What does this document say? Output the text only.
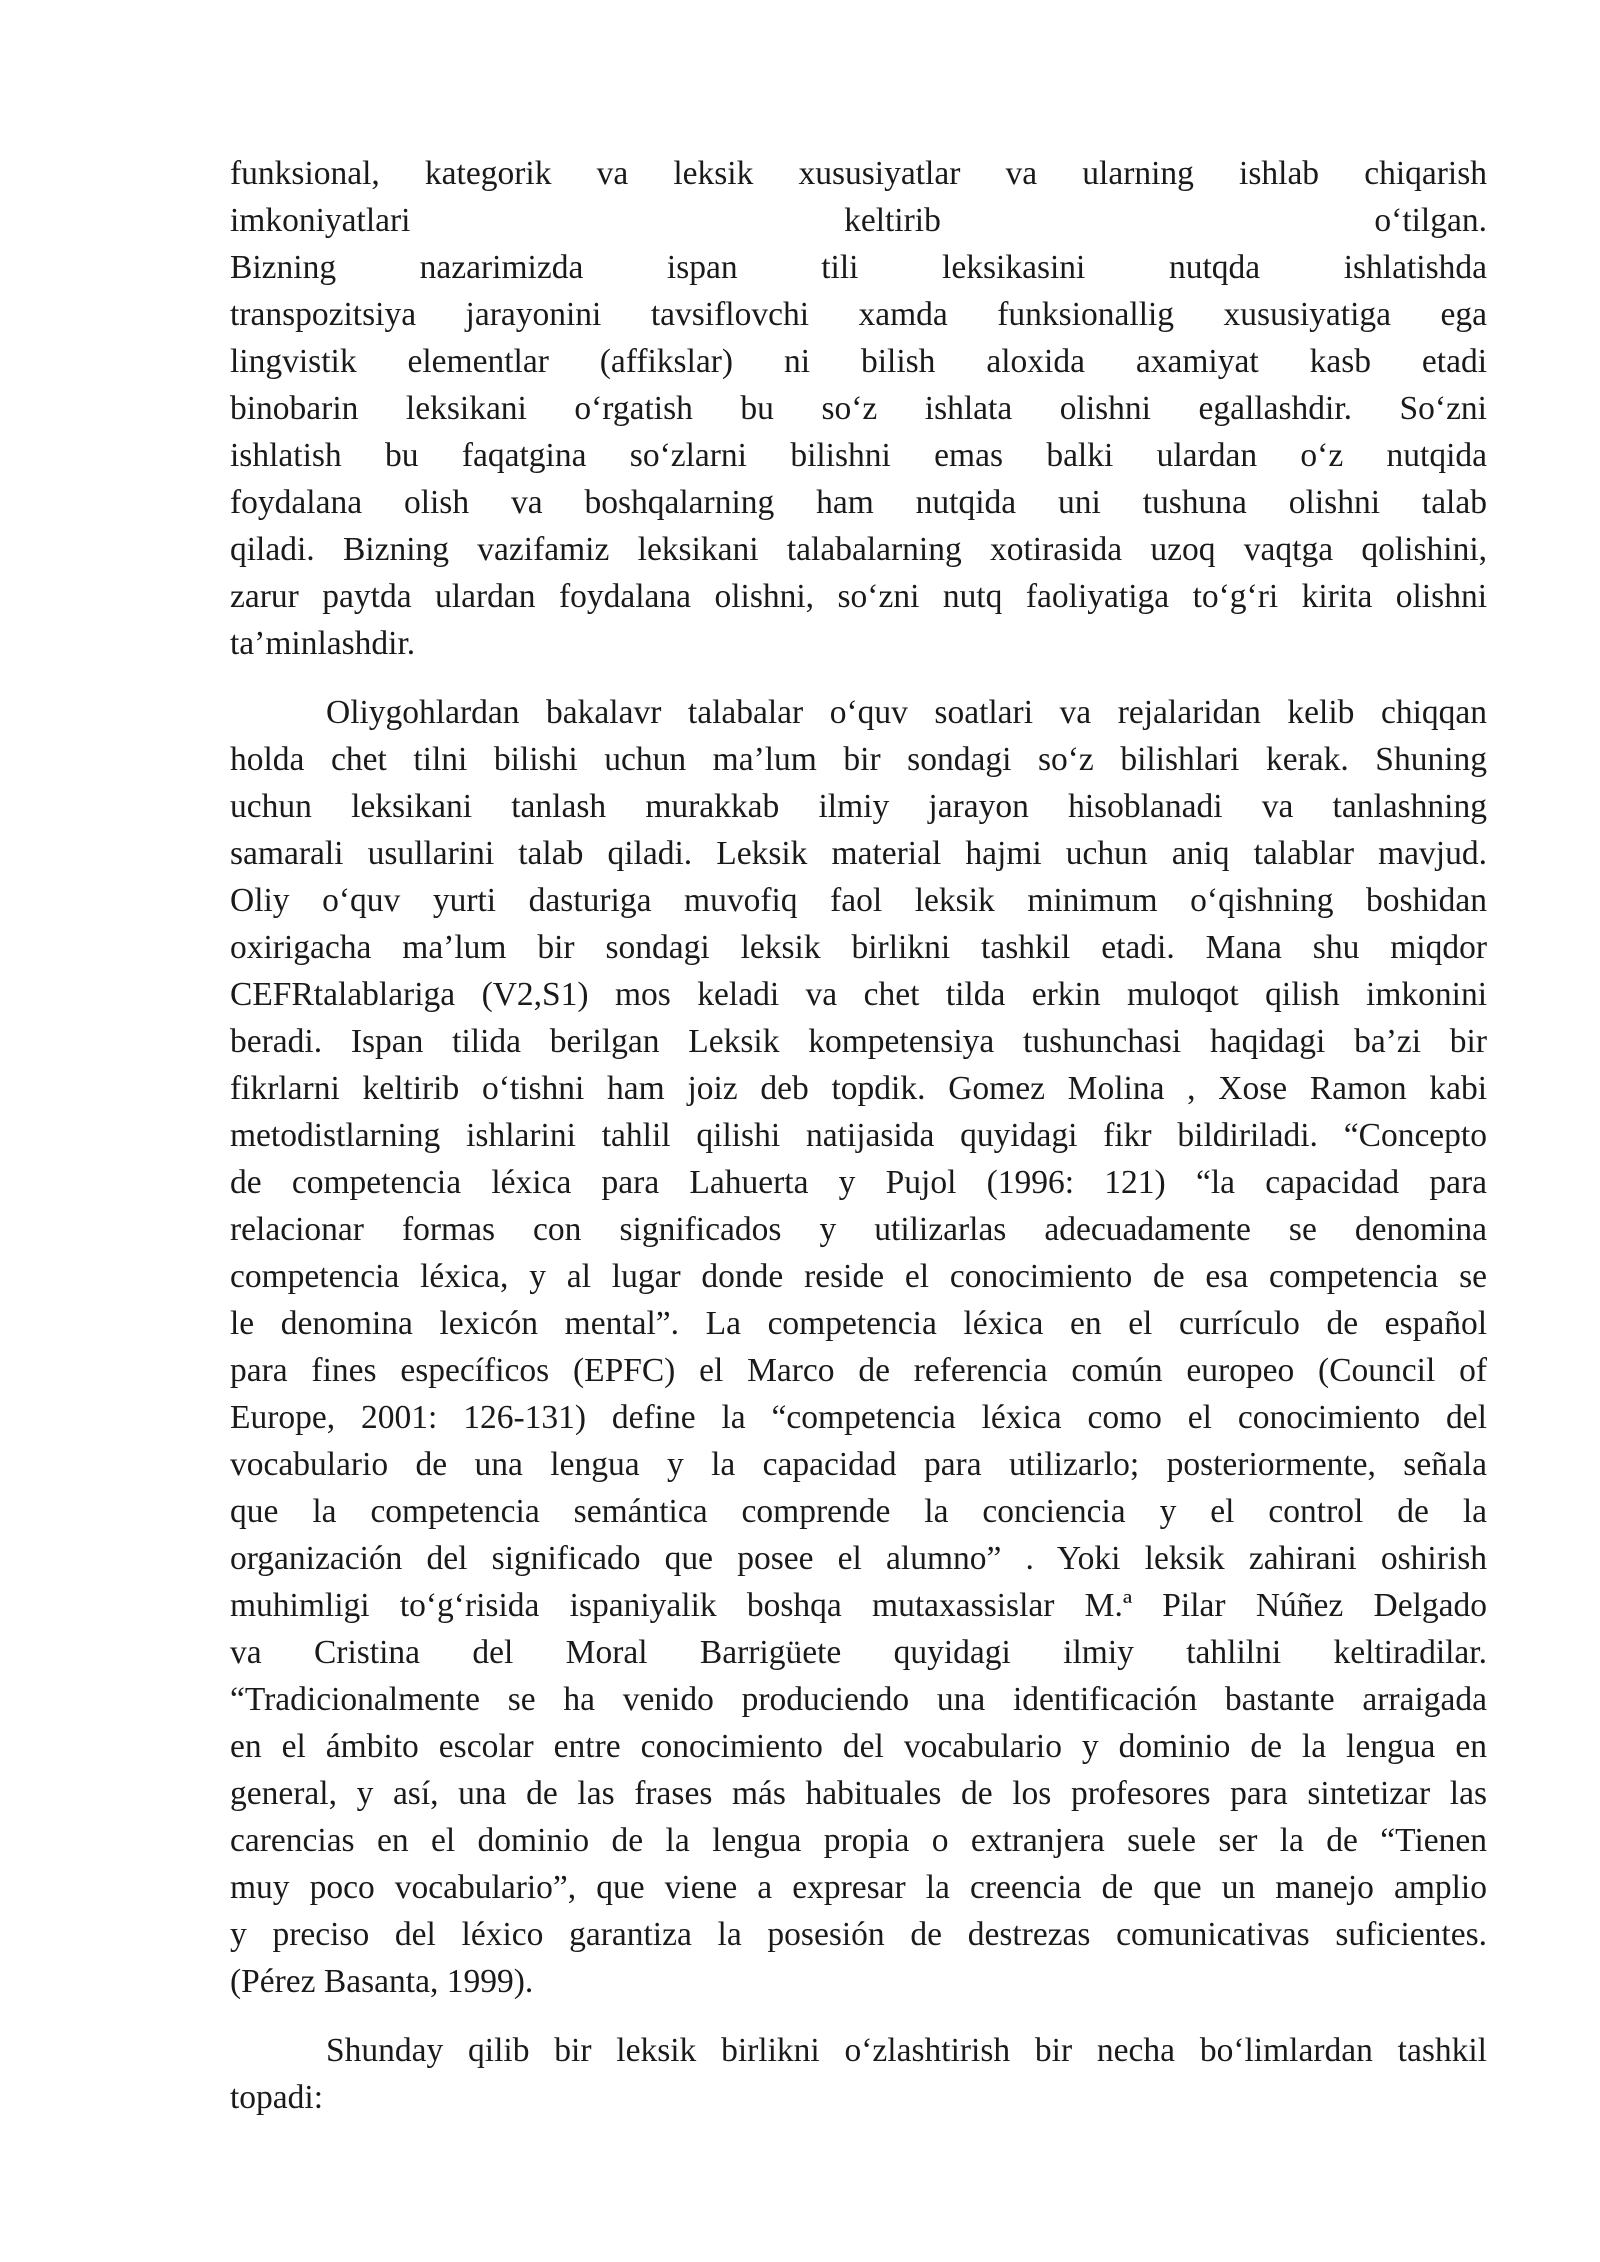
funksional, kategorik va leksik xususiyatlar va ularning ishlab chiqarish
imkoniyatlari keltirib o‘tilgan.
Bizning nazarimizda ispan tili leksikasini nutqda ishlatishda
transpozitsiya jarayonini tavsiflovchi xamda funksionallig xususiyatiga ega
lingvistik elementlar (affikslar) ni bilish aloxida axamiyat kasb etadi
binobarin leksikani o‘rgatish bu so‘z ishlata olishni egallashdir. So‘zni
ishlatish bu faqatgina so‘zlarni bilishni emas balki ulardan o‘z nutqida
foydalana olish va boshqalarning ham nutqida uni tushuna olishni talab
qiladi. Bizning vazifamiz leksikani talabalarning xotirasida uzoq vaqtga qolishini,
zarur paytda ulardan foydalana olishni, so‘zni nutq faoliyatiga to‘g‘ri kirita olishni
ta’minlashdir.

Oliygohlardan bakalavr talabalar o‘quv soatlari va rejalaridan kelib chiqqan
holda chet tilni bilishi uchun ma’lum bir sondagi so‘z bilishlari kerak. Shuning
uchun leksikani tanlash murakkab ilmiy jarayon hisoblanadi va tanlashning
samarali usullarini talab qiladi. Leksik material hajmi uchun aniq talablar mavjud.
Oliy o‘quv yurti dasturiga muvofiq faol leksik minimum o‘qishning boshidan
oxirigacha ma’lum bir sondagi leksik birlikni tashkil etadi. Mana shu miqdor
CEFRtalablariga (V2,S1) mos keladi va chet tilda erkin muloqot qilish imkonini
beradi. Ispan tilida berilgan Leksik kompetensiya tushunchasi haqidagi ba’zi bir
fikrlarni keltirib o‘tishni ham joiz deb topdik. Gomez Molina , Xose Ramon kabi
metodistlarning ishlarini tahlil qilishi natijasida quyidagi fikr bildiriladi. “Concepto
de competencia léxica para Lahuerta y Pujol (1996: 121) “la capacidad para
relacionar formas con significados y utilizarlas adecuadamente se denomina
competencia léxica, y al lugar donde reside el conocimiento de esa competencia se
le denomina lexicón mental”. La competencia léxica en el currículo de español
para fines específicos (EPFC) el Marco de referencia común europeo (Council of
Europe, 2001: 126-131) define la “competencia léxica como el conocimiento del
vocabulario de una lengua y la capacidad para utilizarlo; posteriormente, señala
que la competencia semántica comprende la conciencia y el control de la
organización del significado que posee el alumno” . Yoki leksik zahirani oshirish
muhimligi to‘g‘risida ispaniyalik boshqa mutaxassislar M.ª Pilar Núñez Delgado
va Cristina del Moral Barrigüete quyidagi ilmiy tahlilni keltiradilar.
“Tradicionalmente se ha venido produciendo una identificación bastante arraigada
en el ámbito escolar entre conocimiento del vocabulario y dominio de la lengua en
general, y así, una de las frases más habituales de los profesores para sintetizar las
carencias en el dominio de la lengua propia o extranjera suele ser la de “Tienen
muy poco vocabulario”, que viene a expresar la creencia de que un manejo amplio
y preciso del léxico garantiza la posesión de destrezas comunicativas suficientes.
(Pérez Basanta, 1999).

Shunday qilib bir leksik birlikni o‘zlashtirish bir necha bo‘limlardan tashkil
topadi:
